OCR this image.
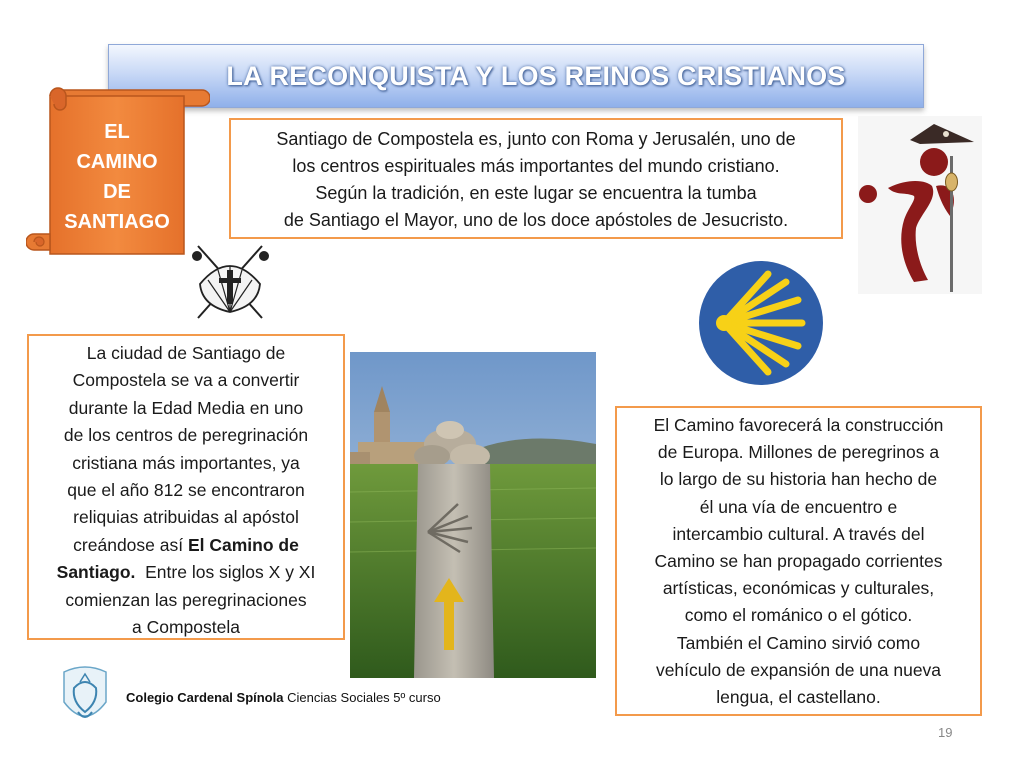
LA RECONQUISTA Y LOS REINOS CRISTIANOS
EL
CAMINO
DE
SANTIAGO
Santiago de Compostela es, junto con Roma y Jerusalén, uno de
los centros espirituales más importantes del mundo cristiano.
Según la tradición, en este lugar se encuentra la tumba
de Santiago el Mayor, uno de los doce apóstoles de Jesucristo.
La ciudad de Santiago de
Compostela se va a convertir
durante la Edad Media en uno
de los centros de peregrinación
cristiana más importantes, ya
que el año 812 se encontraron
reliquias atribuidas al apóstol
creándose así El Camino de
Santiago.  Entre los siglos X y XI
comienzan las peregrinaciones
a Compostela
El Camino favorecerá la construcción
de Europa. Millones de peregrinos a
lo largo de su historia han hecho de
él una vía de encuentro e
intercambio cultural. A través del
Camino se han propagado corrientes
artísticas, económicas y culturales,
como el románico o el gótico.
También el Camino sirvió como
vehículo de expansión de una nueva
lengua, el castellano.
Colegio Cardenal Spínola Ciencias Sociales 5º curso
19
